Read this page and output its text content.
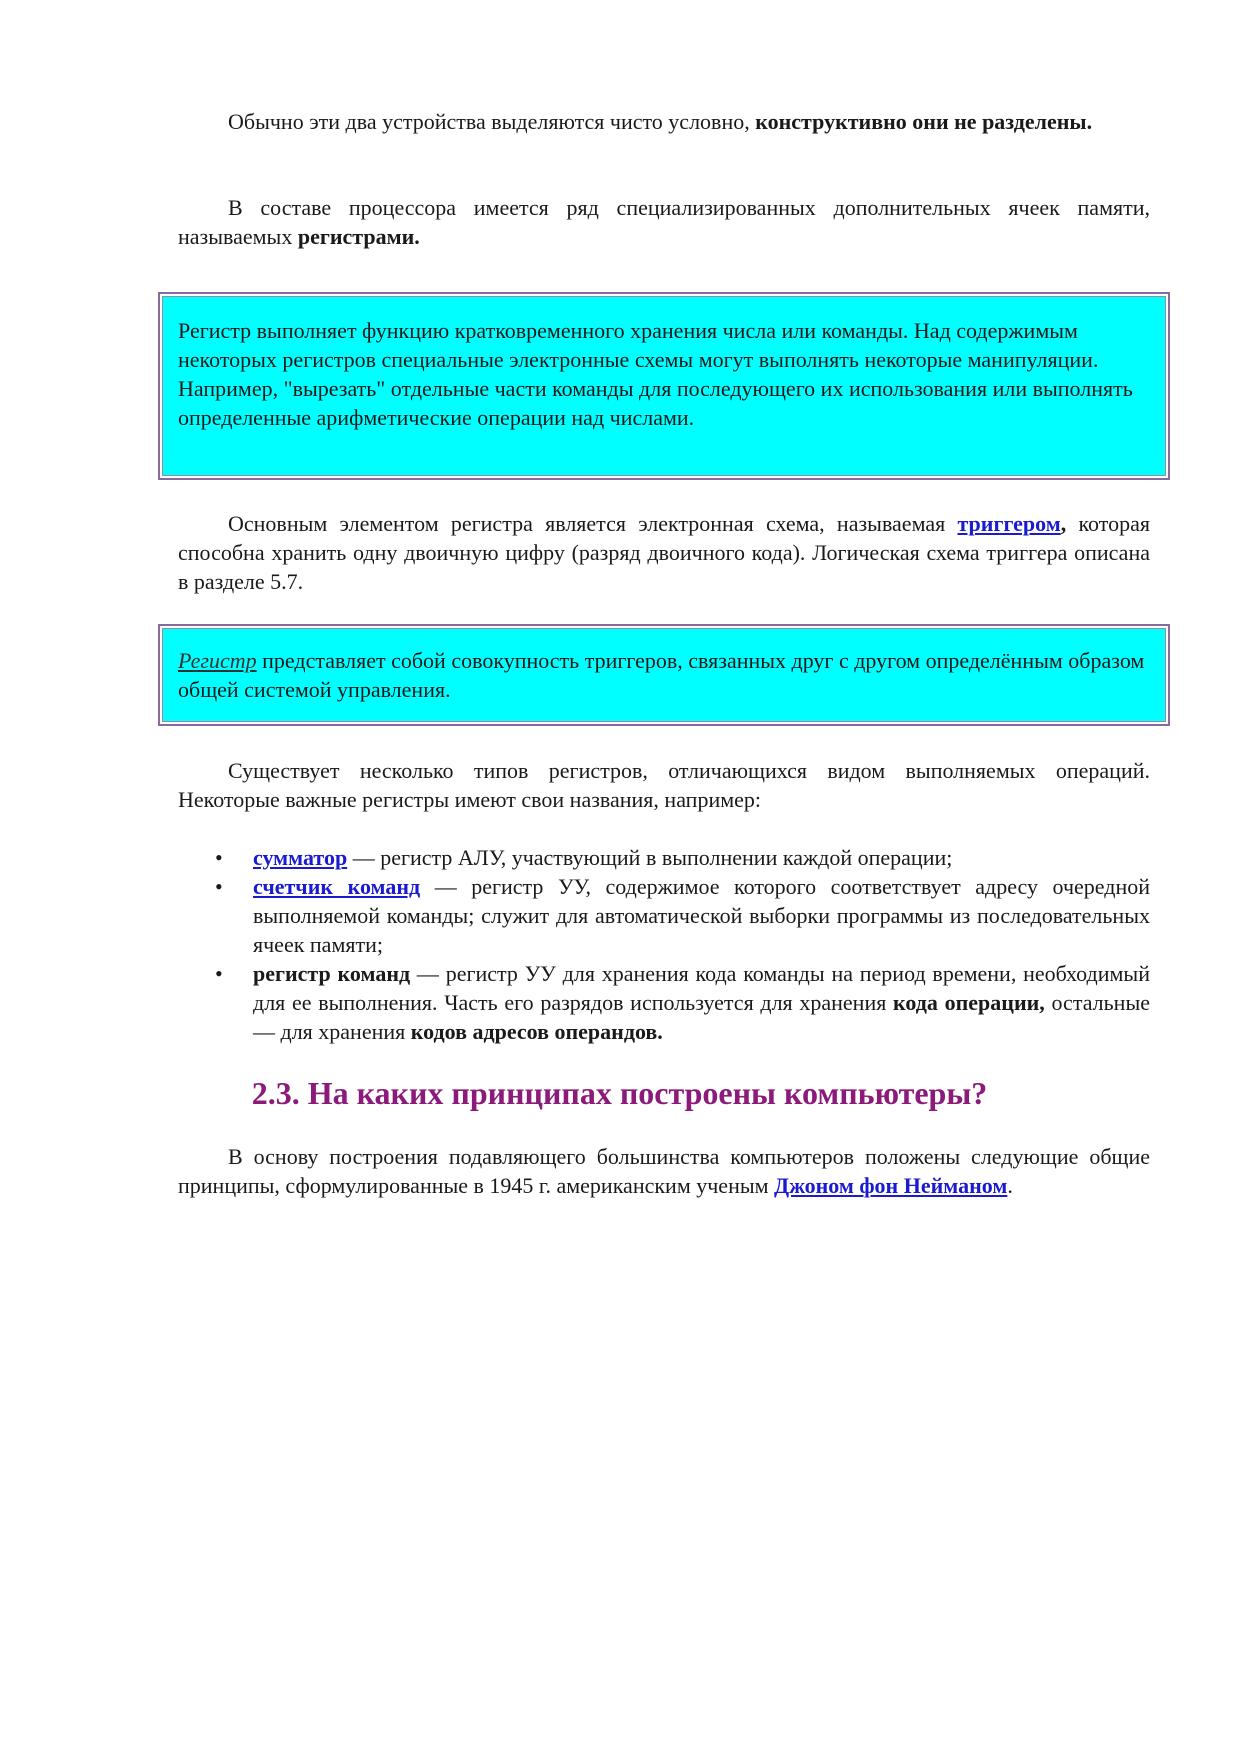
Обычно эти два устройства выделяются чисто условно, конструктивно они не разделены.

В составе процессора имеется ряд специализированных дополнительных ячеек памяти, называемых регистрами.

Регистр выполняет функцию кратковременного хранения числа или команды. Над содержимым некоторых регистров специальные электронные схемы могут выполнять некоторые манипуляции. Например, "вырезать" отдельные части команды для последующего их использования или выполнять определенные арифметические операции над числами.

Основным элементом регистра является электронная схема, называемая триггером, которая способна хранить одну двоичную цифру (разряд двоичного кода). Логическая схема триггера описана в разделе 5.7.

Регистр представляет собой совокупность триггеров, связанных друг с другом определённым образом общей системой управления.

Существует несколько типов регистров, отличающихся видом выполняемых операций. Некоторые важные регистры имеют свои названия, например:

• сумматор — регистр АЛУ, участвующий в выполнении каждой операции;
• счетчик команд — регистр УУ, содержимое которого соответствует адресу очередной выполняемой команды; служит для автоматической выборки программы из последовательных ячеек памяти;
• регистр команд — регистр УУ для хранения кода команды на период времени, необходимый для ее выполнения. Часть его разрядов используется для хранения кода операции, остальные — для хранения кодов адресов операндов.
2.3. На каких принципах построены компьютеры?

В основу построения подавляющего большинства компьютеров положены следующие общие принципы, сформулированные в 1945 г. американским ученым Джоном фон Нейманом.
